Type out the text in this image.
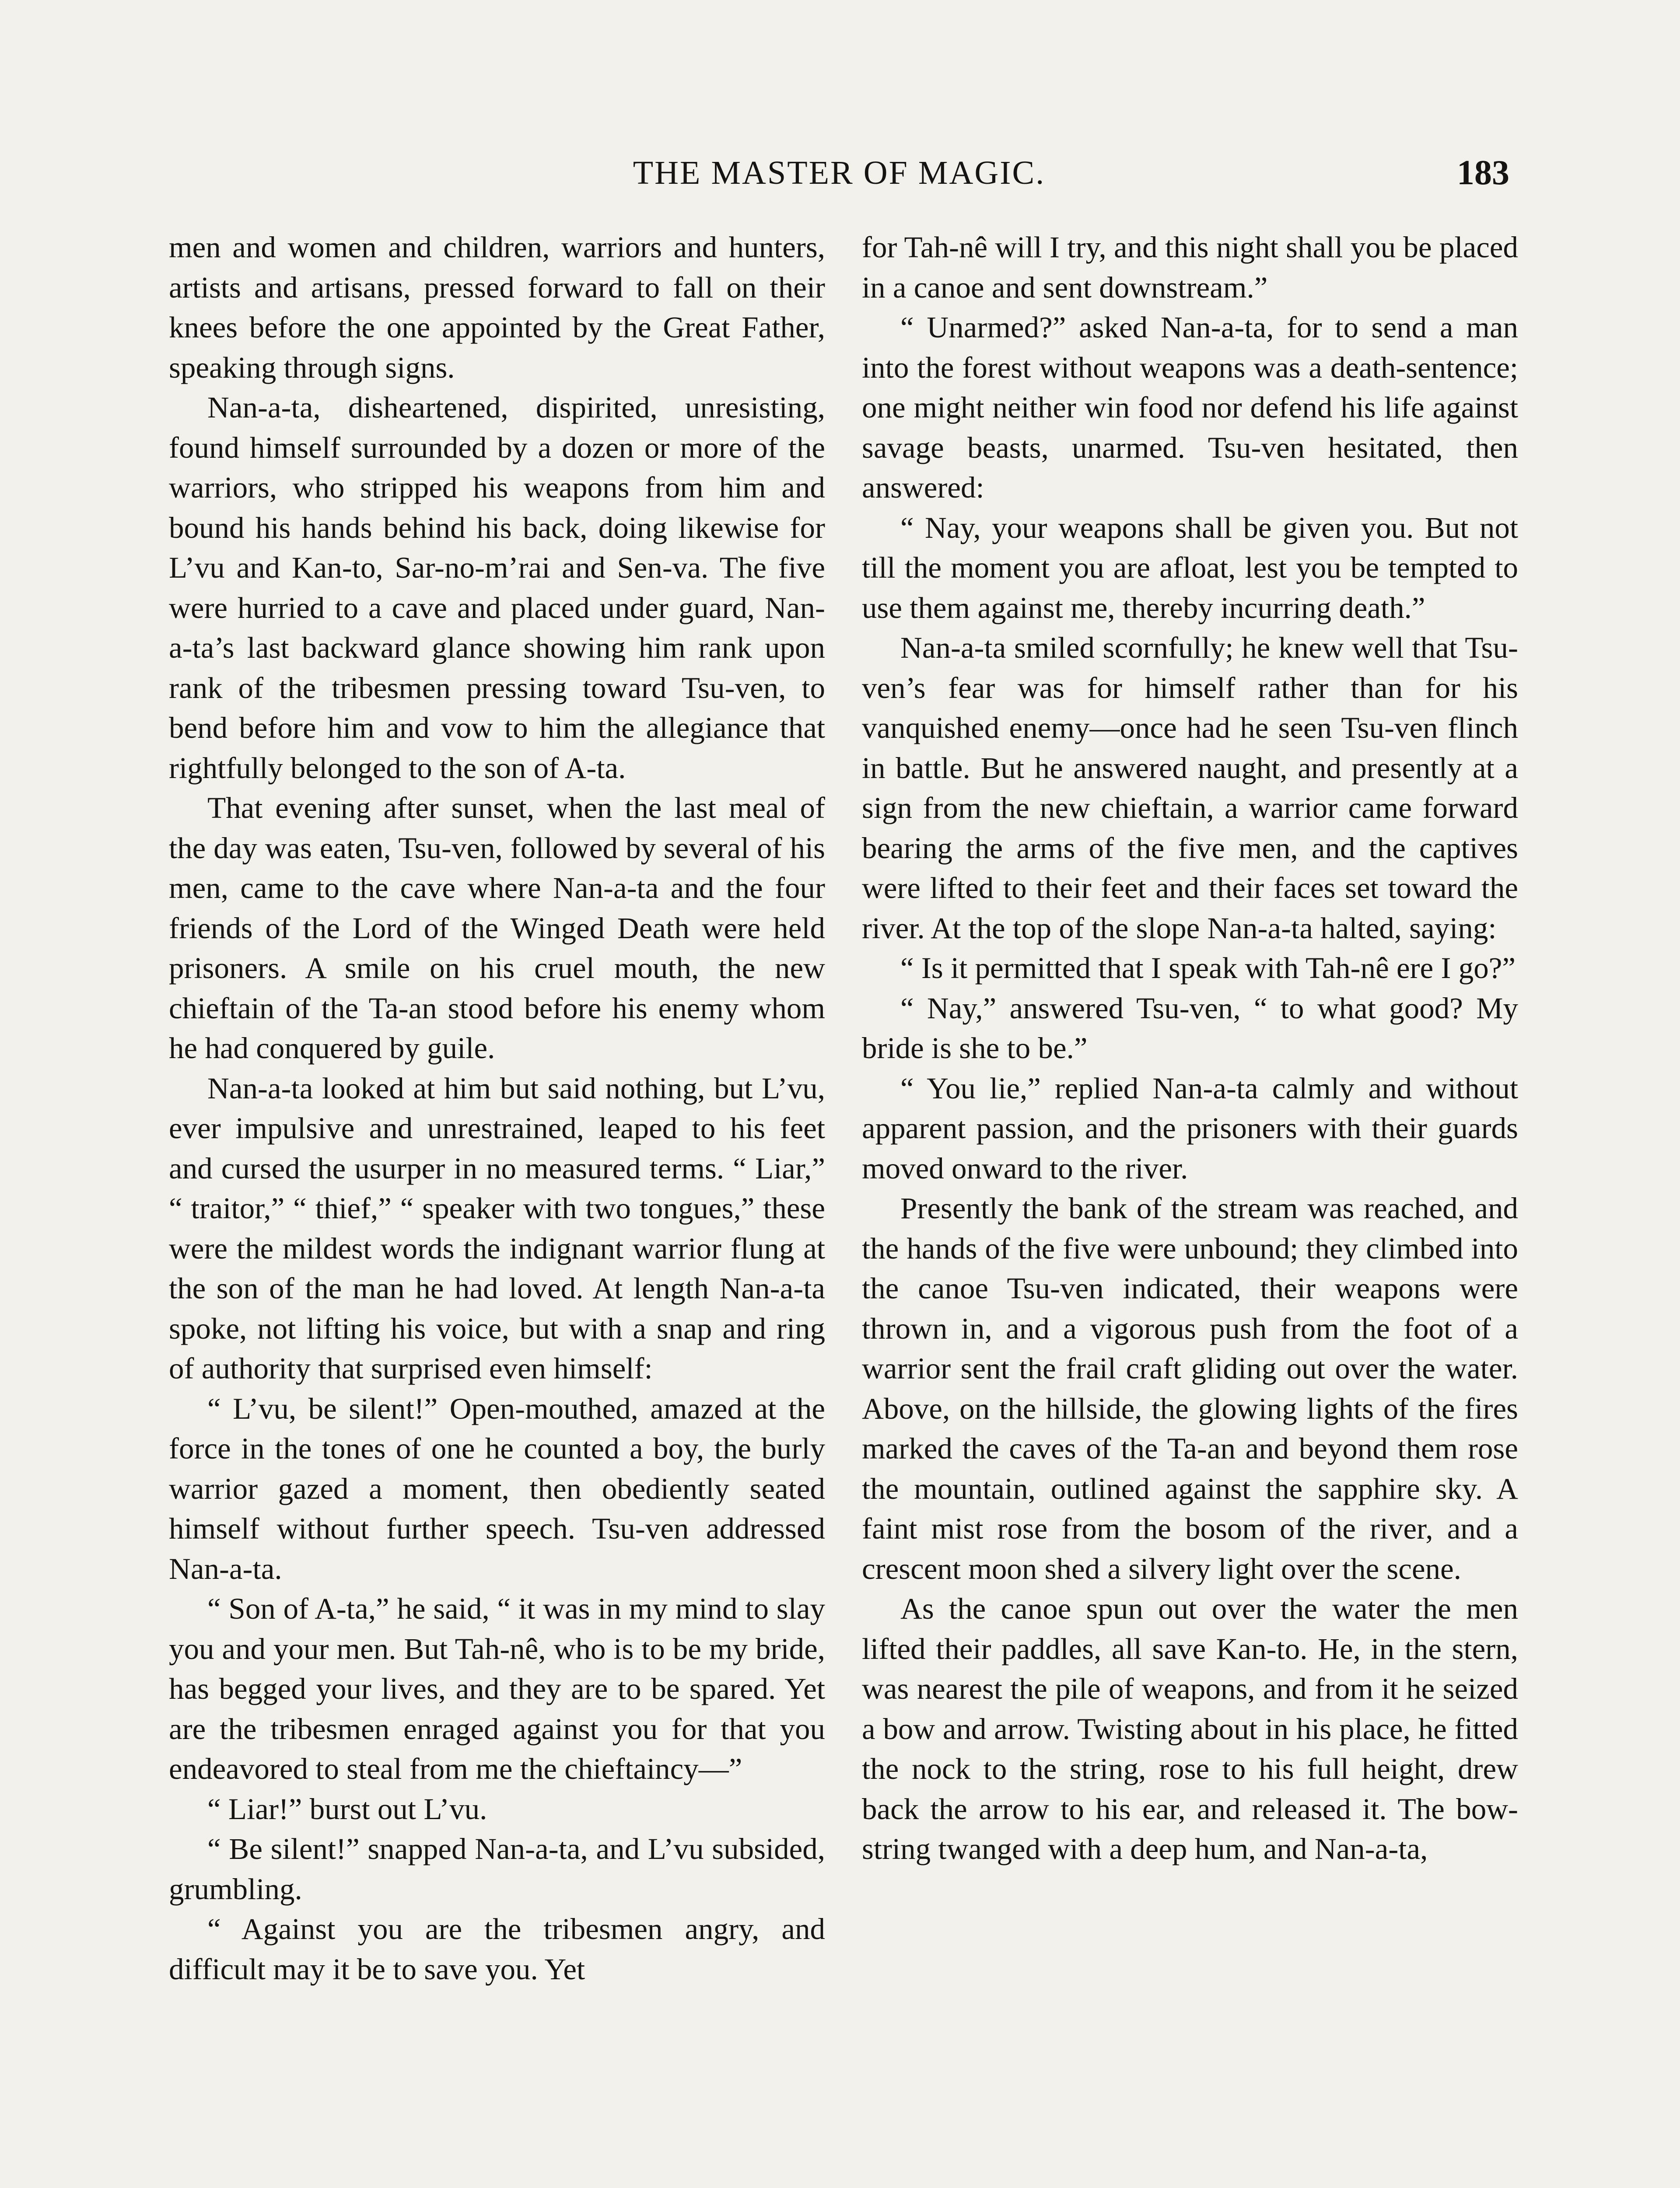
THE MASTER OF MAGIC.	183

men and women and children, warriors and hunters, artists and artisans, pressed forward to fall on their knees before the one appointed by the Great Father, speaking through signs.

Nan-a-ta, disheartened, dispirited, unresisting, found himself surrounded by a dozen or more of the warriors, who stripped his weapons from him and bound his hands behind his back, doing likewise for L’vu and Kan-to, Sar-no-m’rai and Sen-va. The five were hurried to a cave and placed under guard, Nan-a-ta’s last backward glance showing him rank upon rank of the tribesmen pressing toward Tsu-ven, to bend before him and vow to him the allegiance that rightfully belonged to the son of A-ta.

That evening after sunset, when the last meal of the day was eaten, Tsu-ven, followed by several of his men, came to the cave where Nan-a-ta and the four friends of the Lord of the Winged Death were held prisoners. A smile on his cruel mouth, the new chieftain of the Ta-an stood before his enemy whom he had conquered by guile.

Nan-a-ta looked at him but said nothing, but L’vu, ever impulsive and unrestrained, leaped to his feet and cursed the usurper in no measured terms. “ Liar,” “ traitor,” “ thief,” “ speaker with two tongues,” these were the mildest words the indignant warrior flung at the son of the man he had loved. At length Nan-a-ta spoke, not lifting his voice, but with a snap and ring of authority that surprised even himself:

“ L’vu, be silent!” Open-mouthed, amazed at the force in the tones of one he counted a boy, the burly warrior gazed a moment, then obediently seated himself without further speech. Tsu-ven addressed Nan-a-ta.

“ Son of A-ta,” he said, “ it was in my mind to slay you and your men. But Tah-nê, who is to be my bride, has begged your lives, and they are to be spared. Yet are the tribesmen enraged against you for that you endeavored to steal from me the chieftaincy—”

“ Liar!” burst out L’vu.

“ Be silent!” snapped Nan-a-ta, and L’vu subsided, grumbling.

“ Against you are the tribesmen angry, and difficult may it be to save you. Yet

for Tah-nê will I try, and this night shall you be placed in a canoe and sent downstream.”

“ Unarmed?” asked Nan-a-ta, for to send a man into the forest without weapons was a death-sentence; one might neither win food nor defend his life against savage beasts, unarmed. Tsu-ven hesitated, then answered:

“ Nay, your weapons shall be given you. But not till the moment you are afloat, lest you be tempted to use them against me, thereby incurring death.”

Nan-a-ta smiled scornfully; he knew well that Tsu-ven’s fear was for himself rather than for his vanquished enemy—once had he seen Tsu-ven flinch in battle. But he answered naught, and presently at a sign from the new chieftain, a warrior came forward bearing the arms of the five men, and the captives were lifted to their feet and their faces set toward the river. At the top of the slope Nan-a-ta halted, saying:

“ Is it permitted that I speak with Tah-nê ere I go?”

“ Nay,” answered Tsu-ven, “ to what good? My bride is she to be.”

“ You lie,” replied Nan-a-ta calmly and without apparent passion, and the prisoners with their guards moved onward to the river.

Presently the bank of the stream was reached, and the hands of the five were unbound; they climbed into the canoe Tsu-ven indicated, their weapons were thrown in, and a vigorous push from the foot of a warrior sent the frail craft gliding out over the water. Above, on the hillside, the glowing lights of the fires marked the caves of the Ta-an and beyond them rose the mountain, outlined against the sapphire sky. A faint mist rose from the bosom of the river, and a crescent moon shed a silvery light over the scene.

As the canoe spun out over the water the men lifted their paddles, all save Kan-to. He, in the stern, was nearest the pile of weapons, and from it he seized a bow and arrow. Twisting about in his place, he fitted the nock to the string, rose to his full height, drew back the arrow to his ear, and released it. The bow-string twanged with a deep hum, and Nan-a-ta,
